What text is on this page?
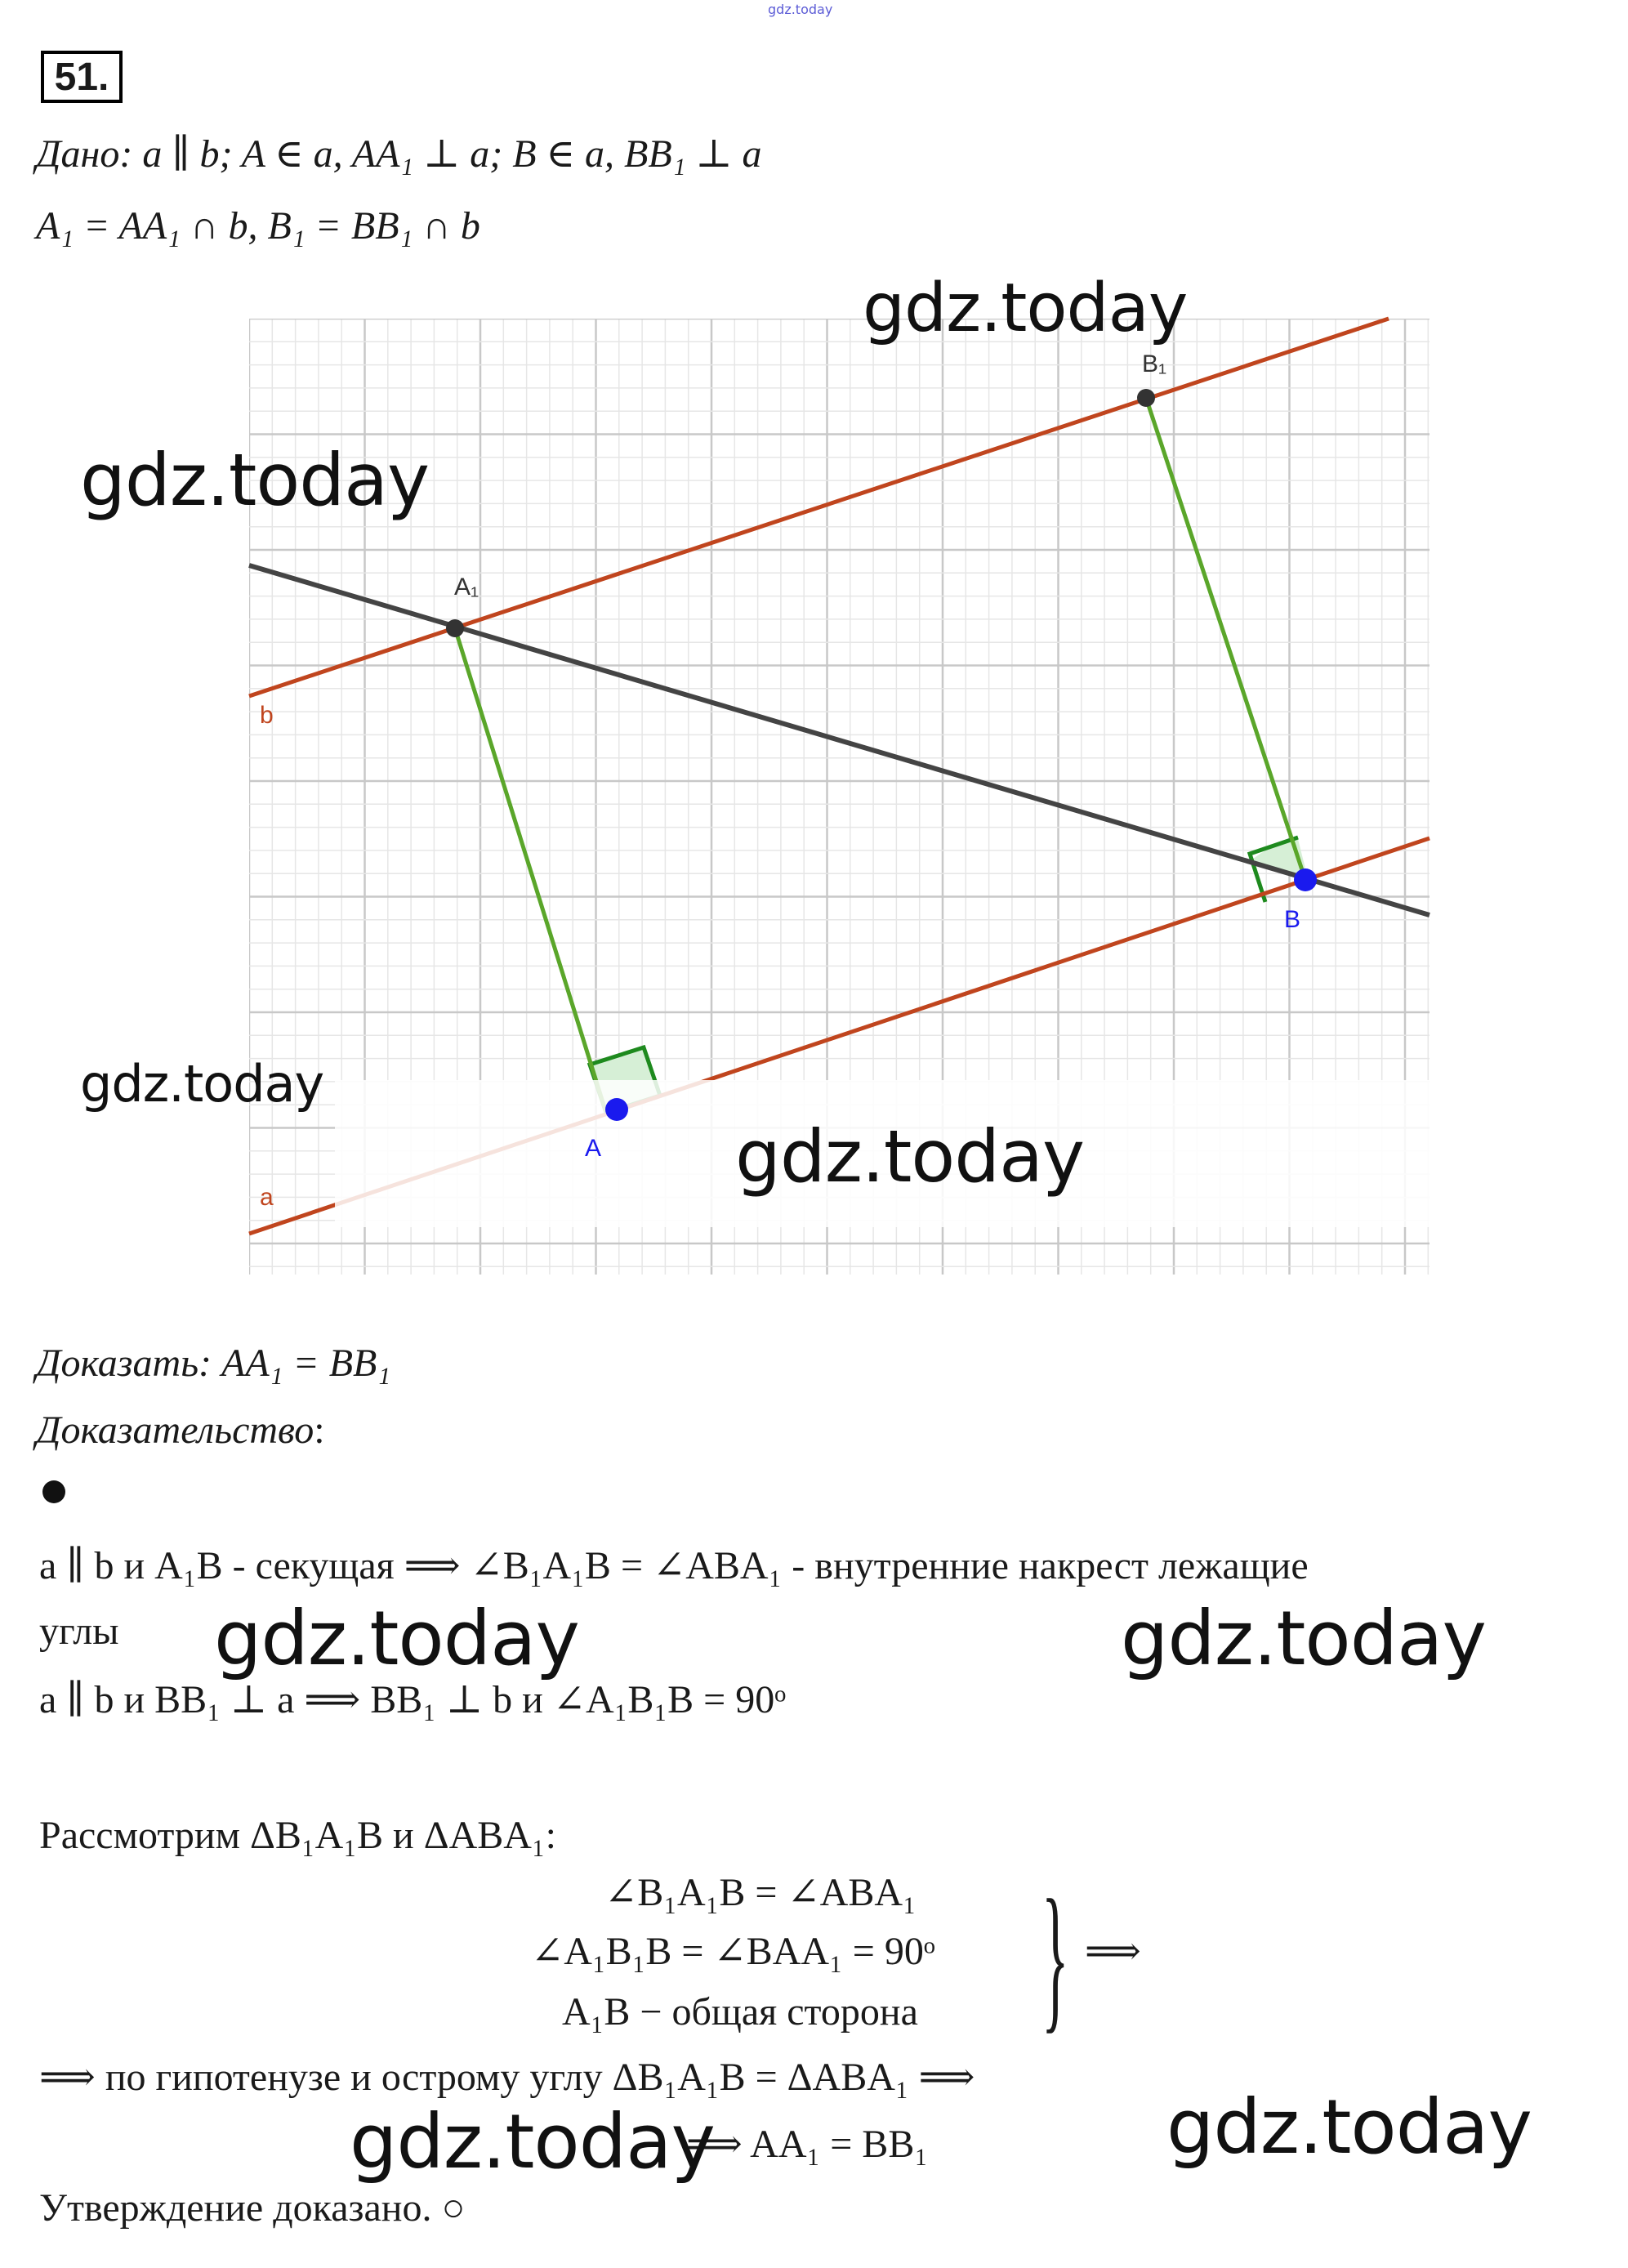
gdz.today
51.
Дано: a ∥ b; A ∈ a, AA₁ ⊥ a; B ∈ a, BB₁ ⊥ a
A₁ = AA₁ ∩ b, B₁ = BB₁ ∩ b
A₁
B₁
A
B
b
a
gdz.today
gdz.today
gdz.today
gdz.today
Доказать: AA₁ = BB₁
Доказательство:
a ∥ b и A₁B - секущая ⟹ ∠B₁A₁B = ∠ABA₁ - внутренние накрест лежащие
углы
a ∥ b и BB₁ ⊥ a ⟹ BB₁ ⊥ b и ∠A₁B₁B = 90ᵒ
Рассмотрим ΔB₁A₁B и ΔABA₁:
∠B₁A₁B = ∠ABA₁
∠A₁B₁B = ∠BAA₁ = 90ᵒ
A₁B − общая сторона } ⟹
⟹ по гипотенузе и острому углу ΔB₁A₁B = ΔABA₁ ⟹
⟹ AA₁ = BB₁
Утверждение доказано. ○
gdz.today	gdz.today
gdz.today	gdz.today
